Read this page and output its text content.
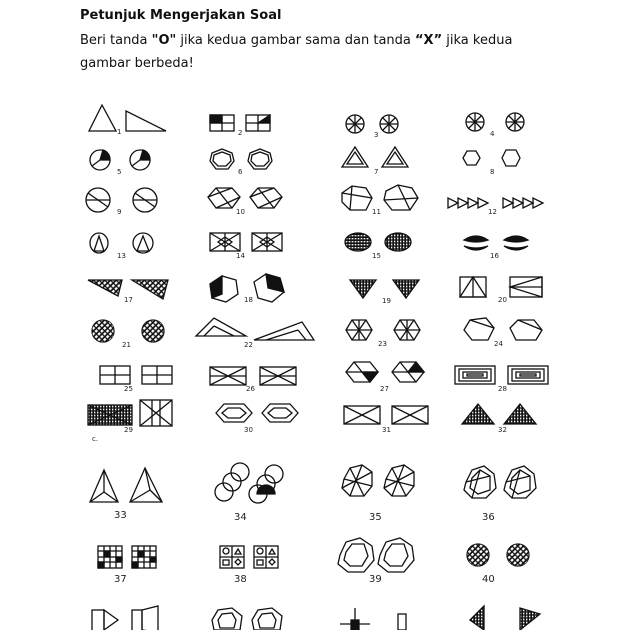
Petunjuk Mengerjakan Soal
Beri tanda "O" jika kedua gambar sama dan tanda “X” jika kedua
gambar berbeda!
1	2	3	4
5	6	7	8
9	10	11	12
13	14	15	16
17	18	19	20
21	22	23	24
25	26	27	28
29	30	31	32
33	34	35	36
37	38	39	40
c.
